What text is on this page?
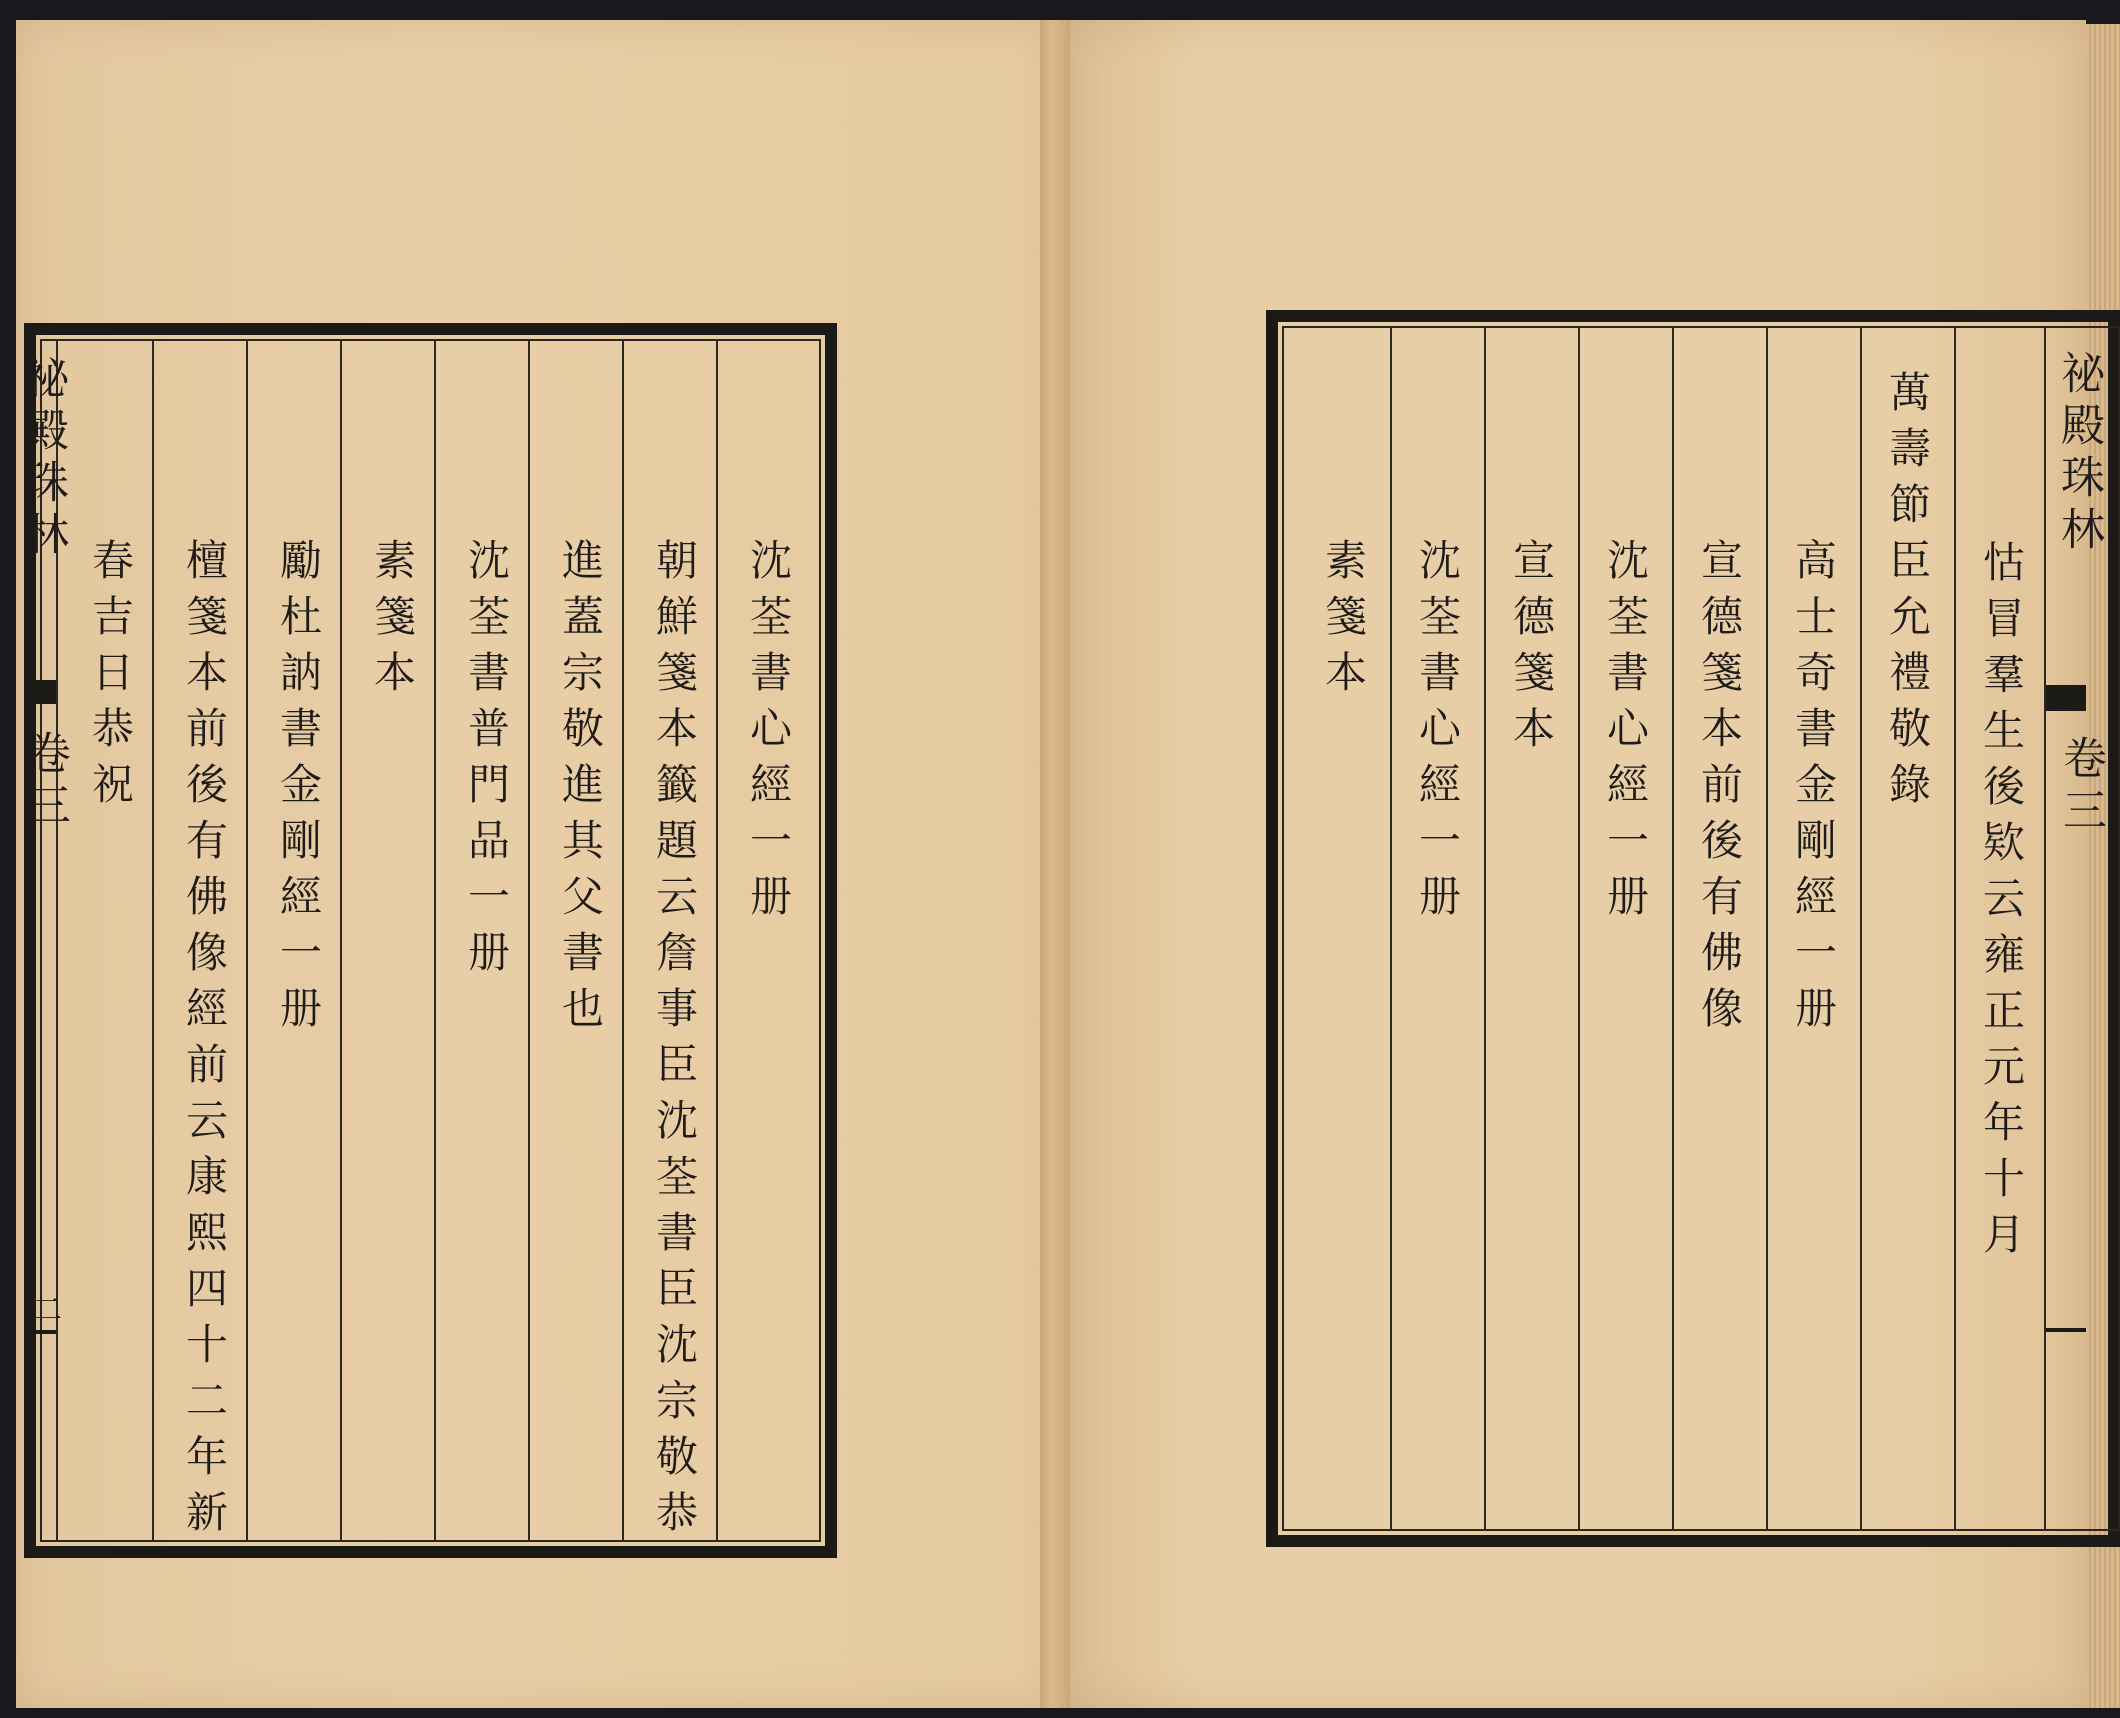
祕殿珠林
卷三
二
沈荃書心經一册
朝鮮箋本籤題云詹事臣沈荃書臣沈宗敬恭
進蓋宗敬進其父書也
沈荃書普門品一册
素箋本
勵杜訥書金剛經一册
檀箋本前後有佛像經前云康熙四十二年新
春吉日恭祝
祕殿珠林
卷三
怙冒羣生後欵云雍正元年十月
萬壽節臣允禮敬錄
高士奇書金剛經一册
宣德箋本前後有佛像
沈荃書心經一册
宣德箋本
沈荃書心經一册
素箋本
